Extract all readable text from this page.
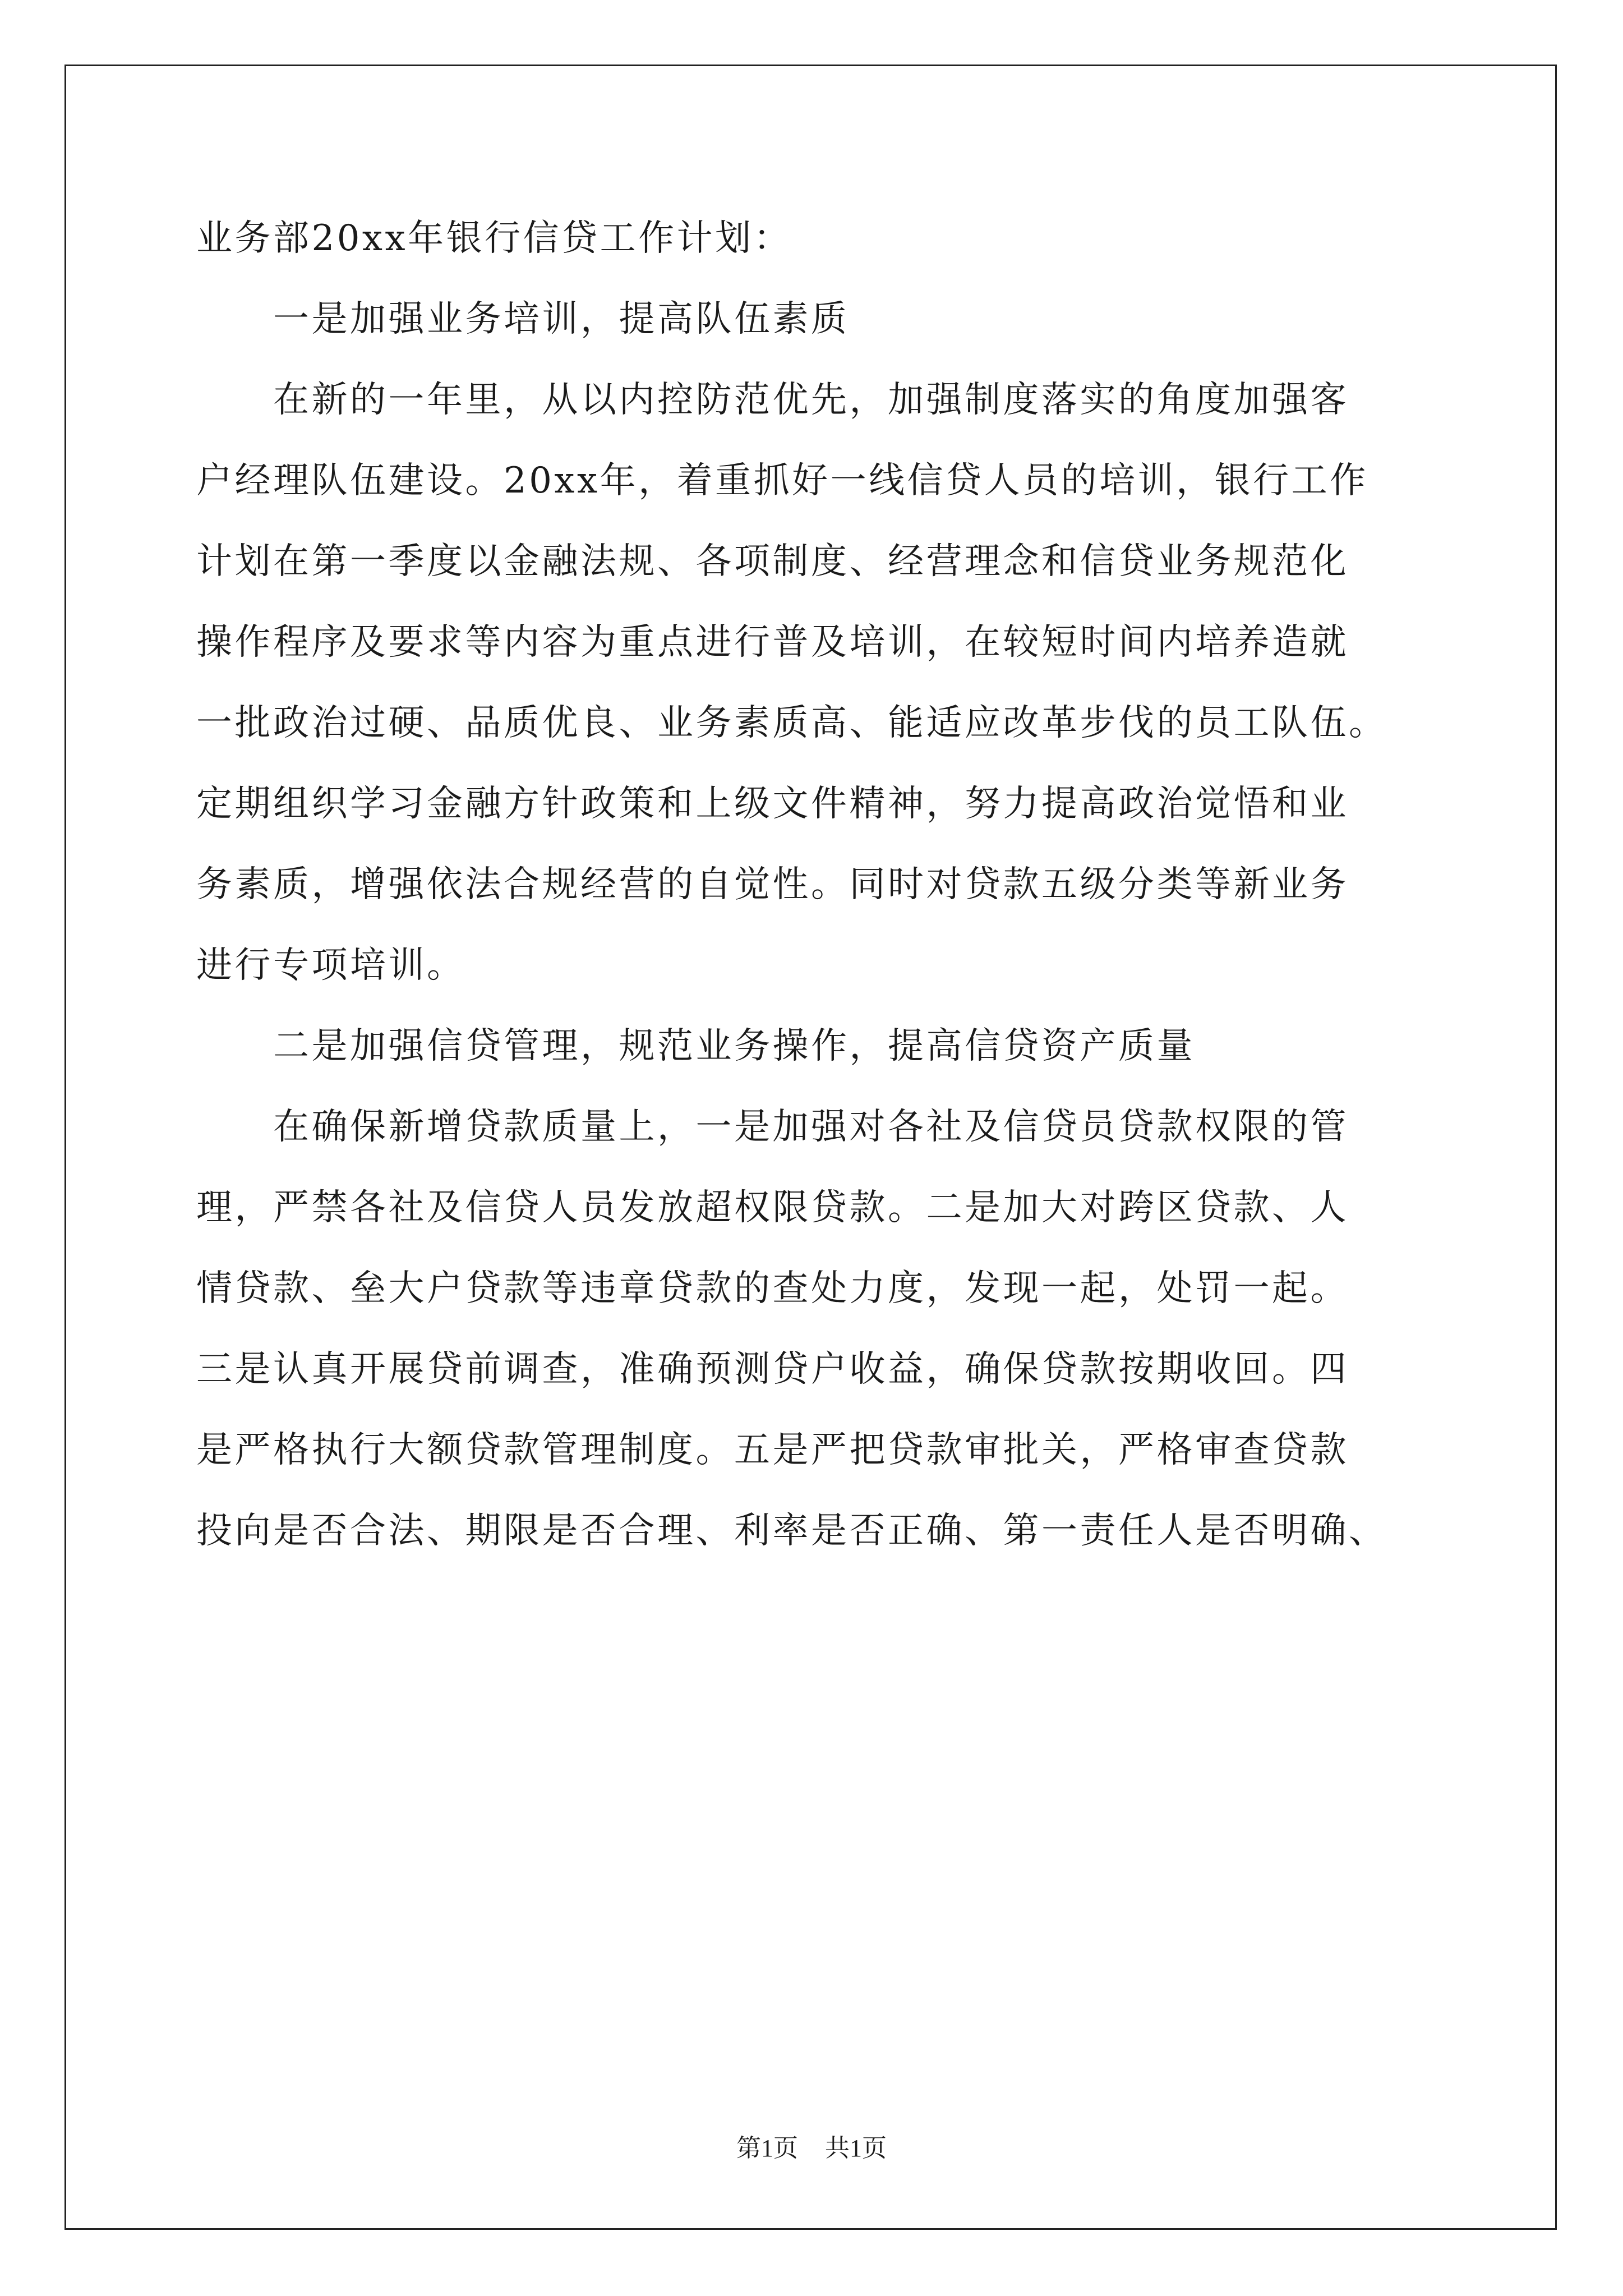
业务部20xx年银行信贷工作计划：
　　一是加强业务培训，提高队伍素质
　　在新的一年里，从以内控防范优先，加强制度落实的角度加强客
户经理队伍建设。20xx年，着重抓好一线信贷人员的培训，银行工作
计划在第一季度以金融法规、各项制度、经营理念和信贷业务规范化
操作程序及要求等内容为重点进行普及培训，在较短时间内培养造就
一批政治过硬、品质优良、业务素质高、能适应改革步伐的员工队伍。
定期组织学习金融方针政策和上级文件精神，努力提高政治觉悟和业
务素质，增强依法合规经营的自觉性。同时对贷款五级分类等新业务
进行专项培训。
　　二是加强信贷管理，规范业务操作，提高信贷资产质量
　　在确保新增贷款质量上，一是加强对各社及信贷员贷款权限的管
理，严禁各社及信贷人员发放超权限贷款。二是加大对跨区贷款、人
情贷款、垒大户贷款等违章贷款的查处力度，发现一起，处罚一起。
三是认真开展贷前调查，准确预测贷户收益，确保贷款按期收回。四
是严格执行大额贷款管理制度。五是严把贷款审批关，严格审查贷款
投向是否合法、期限是否合理、利率是否正确、第一责任人是否明确、
第1页 共1页
